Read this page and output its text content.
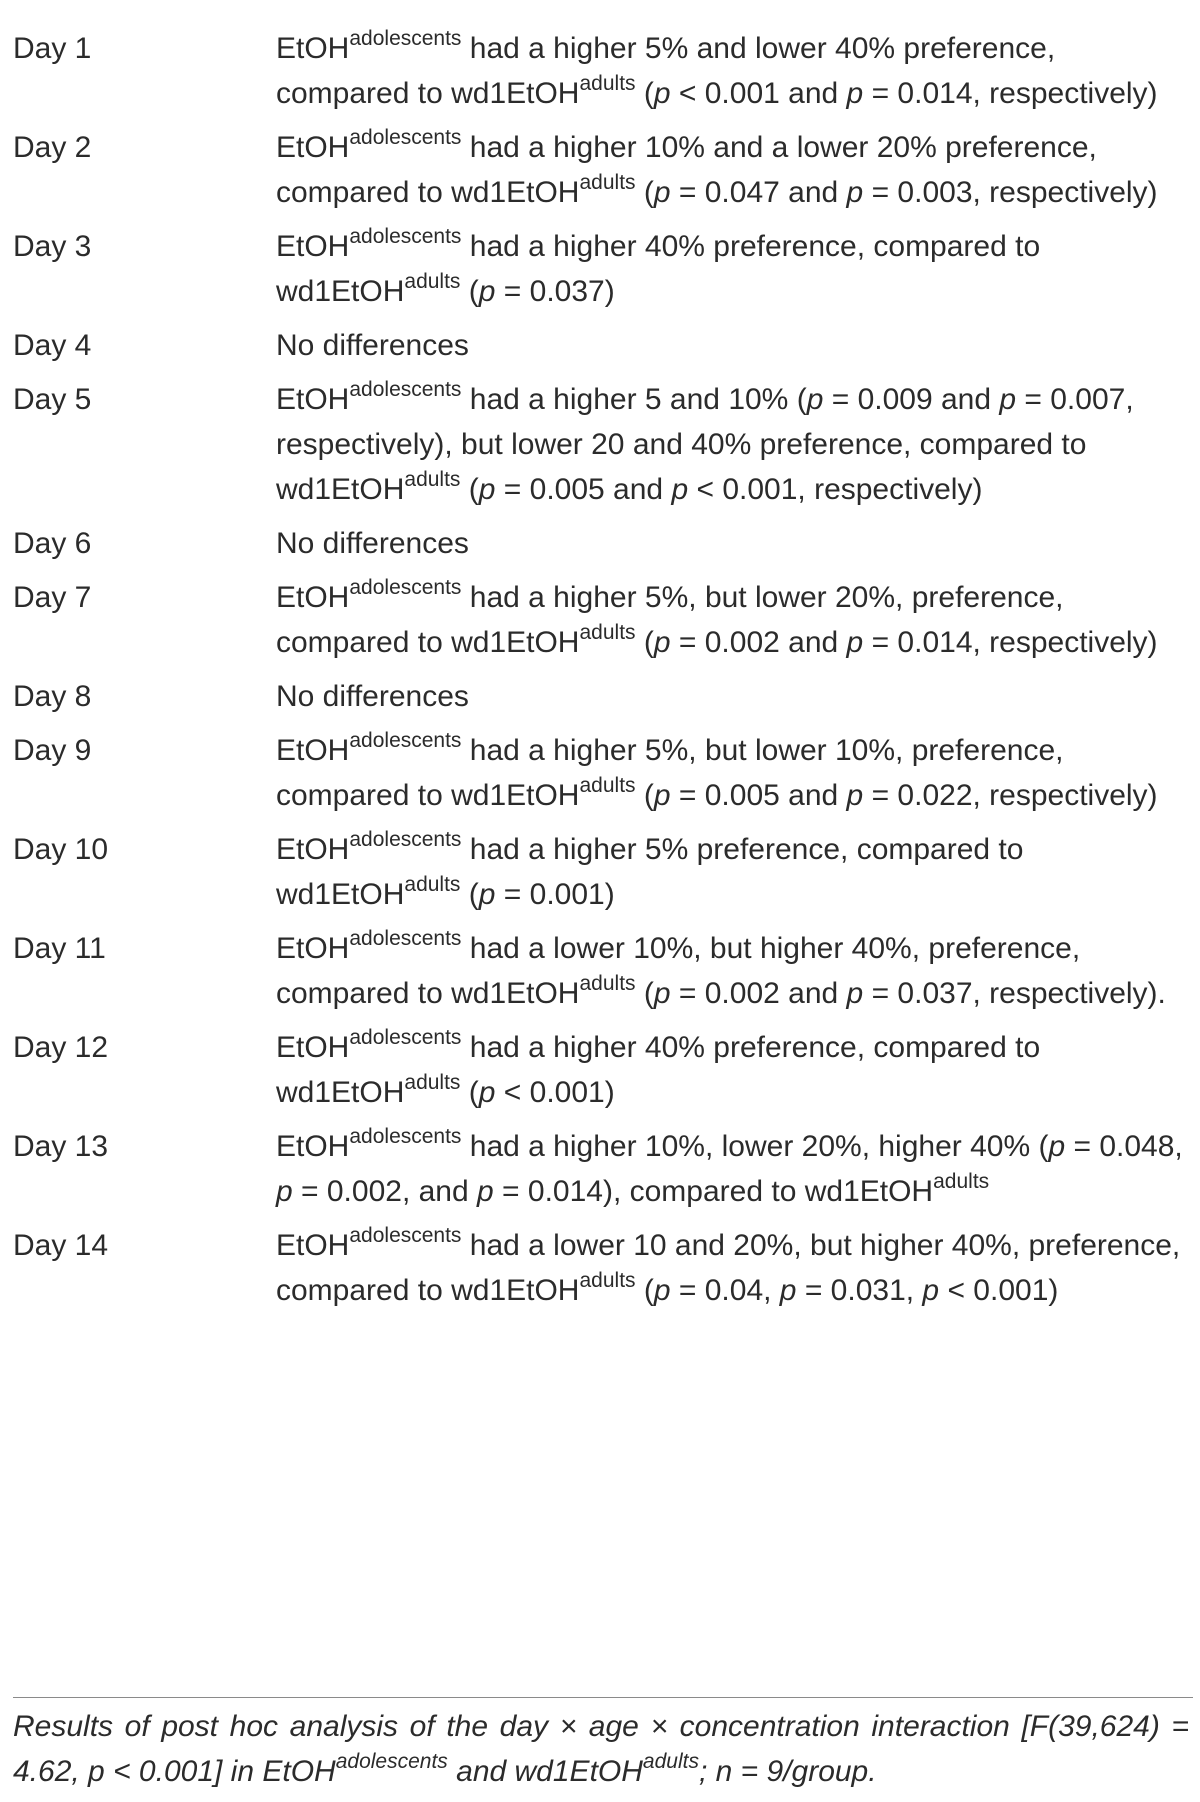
Day 1	EtOH$^{adolescents}$ had a higher 5% and lower 40% preference, compared to wd1EtOH$^{adults}$ (p < 0.001 and p = 0.014, respectively)
Day 2	EtOH$^{adolescents}$ had a higher 10% and a lower 20% preference, compared to wd1EtOH$^{adults}$ (p = 0.047 and p = 0.003, respectively)
Day 3	EtOH$^{adolescents}$ had a higher 40% preference, compared to wd1EtOH$^{adults}$ (p = 0.037)
Day 4	No differences
Day 5	EtOH$^{adolescents}$ had a higher 5 and 10% (p = 0.009 and p = 0.007, respectively), but lower 20 and 40% preference, compared to wd1EtOH$^{adults}$ (p = 0.005 and p < 0.001, respectively)
Day 6	No differences
Day 7	EtOH$^{adolescents}$ had a higher 5%, but lower 20%, preference, compared to wd1EtOH$^{adults}$ (p = 0.002 and p = 0.014, respectively)
Day 8	No differences
Day 9	EtOH$^{adolescents}$ had a higher 5%, but lower 10%, preference, compared to wd1EtOH$^{adults}$ (p = 0.005 and p = 0.022, respectively)
Day 10	EtOH$^{adolescents}$ had a higher 5% preference, compared to wd1EtOH$^{adults}$ (p = 0.001)
Day 11	EtOH$^{adolescents}$ had a lower 10%, but higher 40%, preference, compared to wd1EtOH$^{adults}$ (p = 0.002 and p = 0.037, respectively).
Day 12	EtOH$^{adolescents}$ had a higher 40% preference, compared to wd1EtOH$^{adults}$ (p < 0.001)
Day 13	EtOH$^{adolescents}$ had a higher 10%, lower 20%, higher 40% (p = 0.048, p = 0.002, and p = 0.014), compared to wd1EtOH$^{adults}$
Day 14	EtOH$^{adolescents}$ had a lower 10 and 20%, but higher 40%, preference, compared to wd1EtOH$^{adults}$ (p = 0.04, p = 0.031, p < 0.001)
Results of post hoc analysis of the day × age × concentration interaction [F(39,624) = 4.62, p < 0.001] in EtOH$^{adolescents}$ and wd1EtOH$^{adults}$; n = 9/group.
